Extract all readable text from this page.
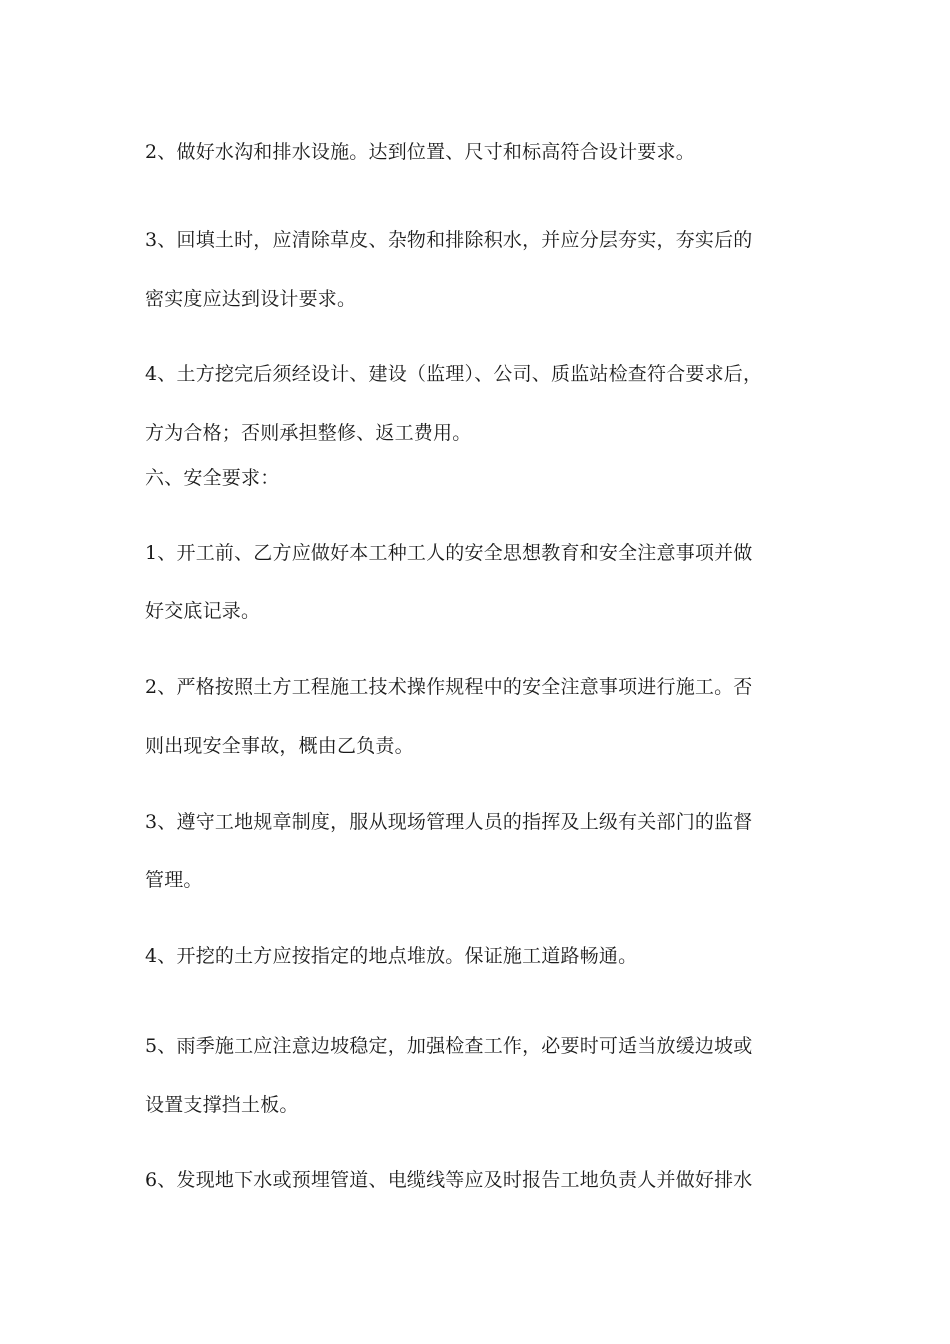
2、做好水沟和排水设施。达到位置、尺寸和标高符合设计要求。

3、回填土时，应清除草皮、杂物和排除积水，并应分层夯实，夯实后的

密实度应达到设计要求。

4、土方挖完后须经设计、建设（监理）、公司、质监站检查符合要求后，

方为合格；否则承担整修、返工费用。

六、安全要求：

1、开工前、乙方应做好本工种工人的安全思想教育和安全注意事项并做

好交底记录。

2、严格按照土方工程施工技术操作规程中的安全注意事项进行施工。否

则出现安全事故，概由乙负责。

3、遵守工地规章制度，服从现场管理人员的指挥及上级有关部门的监督

管理。

4、开挖的土方应按指定的地点堆放。保证施工道路畅通。

5、雨季施工应注意边坡稳定，加强检查工作，必要时可适当放缓边坡或

设置支撑挡土板。

6、发现地下水或预埋管道、电缆线等应及时报告工地负责人并做好排水
